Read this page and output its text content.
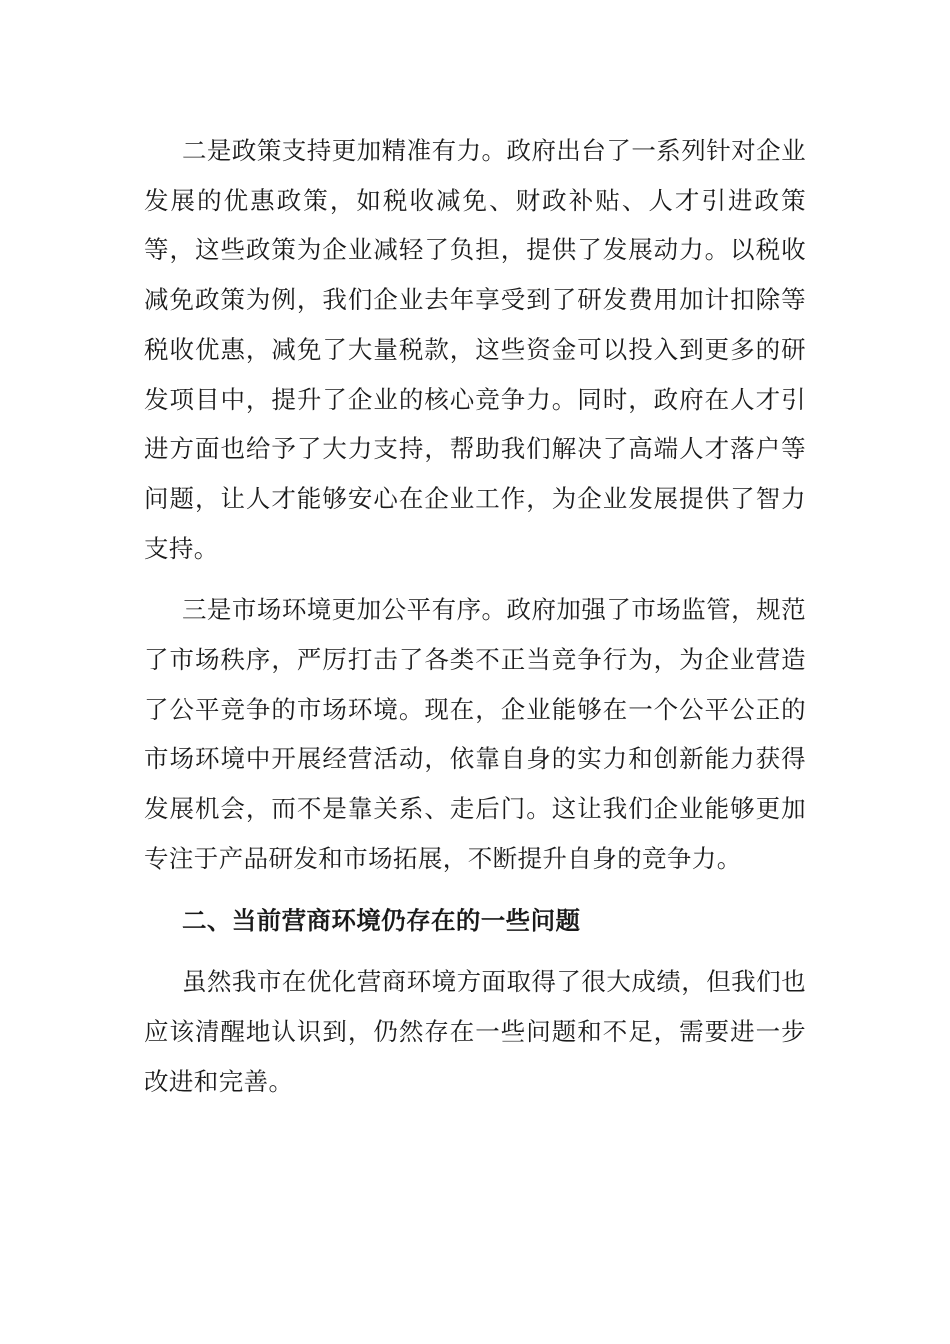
二是政策支持更加精准有力。政府出台了一系列针对企业发展的优惠政策，如税收减免、财政补贴、人才引进政策等，这些政策为企业减轻了负担，提供了发展动力。以税收减免政策为例，我们企业去年享受到了研发费用加计扣除等税收优惠，减免了大量税款，这些资金可以投入到更多的研发项目中，提升了企业的核心竞争力。同时，政府在人才引进方面也给予了大力支持，帮助我们解决了高端人才落户等问题，让人才能够安心在企业工作，为企业发展提供了智力支持。

三是市场环境更加公平有序。政府加强了市场监管，规范了市场秩序，严厉打击了各类不正当竞争行为，为企业营造了公平竞争的市场环境。现在，企业能够在一个公平公正的市场环境中开展经营活动，依靠自身的实力和创新能力获得发展机会，而不是靠关系、走后门。这让我们企业能够更加专注于产品研发和市场拓展，不断提升自身的竞争力。

二、当前营商环境仍存在的一些问题

虽然我市在优化营商环境方面取得了很大成绩，但我们也应该清醒地认识到，仍然存在一些问题和不足，需要进一步改进和完善。
